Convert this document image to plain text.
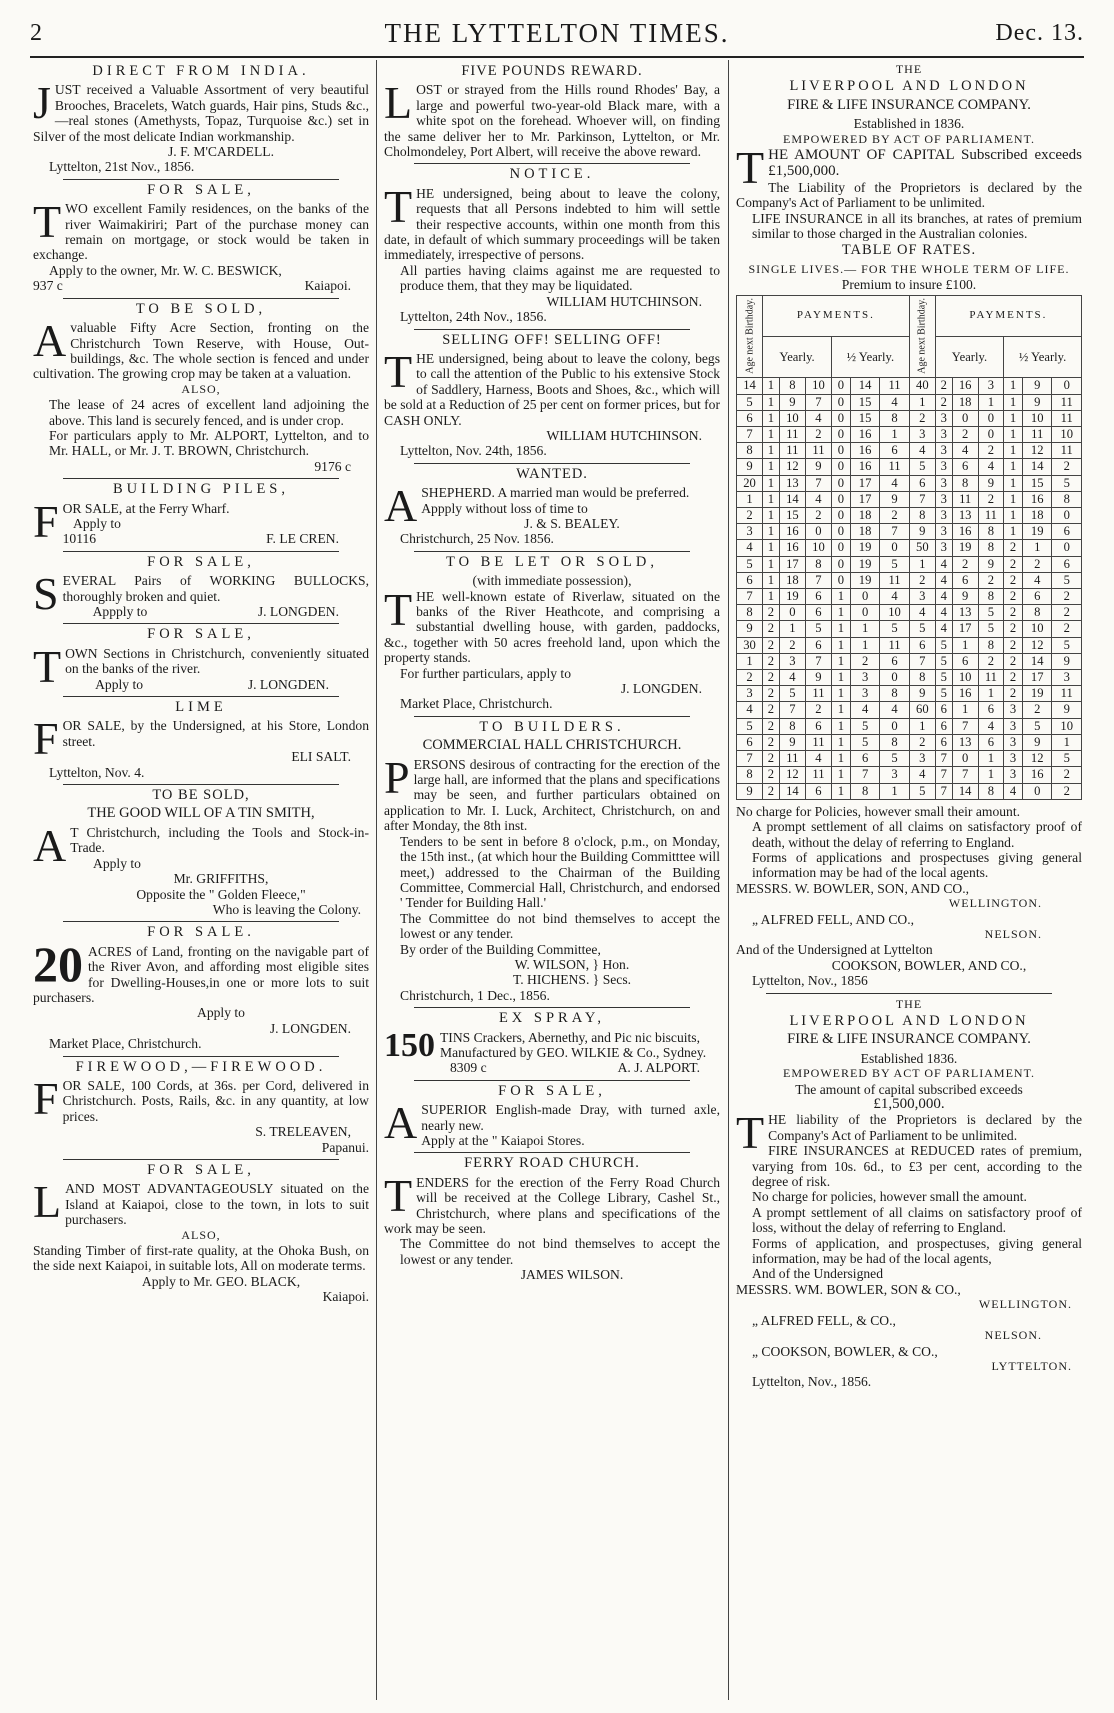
2	THE LYTTELTON TIMES.	Dec. 13.
DIRECT FROM INDIA.

JUST received a Valuable Assortment of very beautiful Brooches, Bracelets, Watch guards, Hair pins, Studs &c.,—real stones (Amethysts, Topaz, Turquoise &c.) set in Silver of the most delicate Indian workmanship.

J. F. M'CARDELL.

Lyttelton, 21st Nov., 1856.

FOR SALE,

TWO excellent Family residences, on the banks of the river Waimakiriri; Part of the purchase money can remain on mortgage, or stock would be taken in exchange.

Apply to the owner, Mr. W. C. BESWICK,

937 c	Kaiapoi.

TO BE SOLD,

Avaluable Fifty Acre Section, fronting on the Christchurch Town Reserve, with House, Out-buildings, &c. The whole section is fenced and under cultivation. The growing crop may be taken at a valuation.

ALSO,

The lease of 24 acres of excellent land adjoining the above. This land is securely fenced, and is under crop.

For particulars apply to Mr. ALPORT, Lyttelton, and to Mr. HALL, or Mr. J. T. BROWN, Christchurch.

9176 c

BUILDING PILES,

FOR SALE, at the Ferry Wharf.

Apply to

10116	F. LE CREN.

FOR SALE,

SEVERAL Pairs of WORKING BULLOCKS, thoroughly broken and quiet.

Appply to	J. LONGDEN.

FOR SALE,

TOWN Sections in Christchurch, conveniently situated on the banks of the river.

Apply to	J. LONGDEN.

LIME

FOR SALE, by the Undersigned, at his Store, London street.

ELI SALT.

Lyttelton, Nov. 4.

TO BE SOLD,
THE GOOD WILL OF A TIN SMITH,

A T Christchurch, including the Tools and Stock-in-Trade.

Apply to

Mr. GRIFFITHS,

Opposite the " Golden Fleece,"

Who is leaving the Colony.

FOR SALE.

20 ACRES of Land, fronting on the navigable part of the River Avon, and affording most eligible sites for Dwelling-Houses,in one or more lots to suit purchasers.

Apply to

J. LONGDEN.

Market Place, Christchurch.

FIREWOOD,—FIREWOOD.

FOR SALE, 100 Cords, at 36s. per Cord, delivered in Christchurch. Posts, Rails, &c. in any quantity, at low prices.

S. TRELEAVEN,

Papanui.

FOR SALE,

LAND MOST ADVANTAGEOUSLY situated on the Island at Kaiapoi, close to the town, in lots to suit purchasers.

ALSO,

Standing Timber of first-rate quality, at the Ohoka Bush, on the side next Kaiapoi, in suitable lots, All on moderate terms.

Apply to Mr. GEO. BLACK,

Kaiapoi.

FIVE POUNDS REWARD.

LOST or strayed from the Hills round Rhodes' Bay, a large and powerful two-year-old Black mare, with a white spot on the forehead. Whoever will, on finding the same deliver her to Mr. Parkinson, Lyttelton, or Mr. Cholmondeley, Port Albert, will receive the above reward.

NOTICE.

THE undersigned, being about to leave the colony, requests that all Persons indebted to him will settle their respective accounts, within one month from this date, in default of which summary proceedings will be taken immediately, irrespective of persons.

All parties having claims against me are requested to produce them, that they may be liquidated.

WILLIAM HUTCHINSON.

Lyttelton, 24th Nov., 1856.

SELLING OFF! SELLING OFF!

THE undersigned, being about to leave the colony, begs to call the attention of the Public to his extensive Stock of Saddlery, Harness, Boots and Shoes, &c., which will be sold at a Reduction of 25 per cent on former prices, but for CASH ONLY.

WILLIAM HUTCHINSON.

Lyttelton, Nov. 24th, 1856.

WANTED.

ASHEPHERD. A married man would be preferred.

Appply without loss of time to

J. & S. BEALEY.

Christchurch, 25 Nov. 1856.

TO BE LET OR SOLD,

(with immediate possession),

THE well-known estate of Riverlaw, situated on the banks of the River Heathcote, and comprising a substantial dwelling house, with garden, paddocks, &c., together with 50 acres freehold land, upon which the property stands.

For further particulars, apply to

J. LONGDEN.

Market Place, Christchurch.

TO BUILDERS.
COMMERCIAL HALL CHRISTCHURCH.

PERSONS desirous of contracting for the erection of the large hall, are informed that the plans and specifications may be seen, and further particulars obtained on application to Mr. I. Luck, Architect, Christchurch, on and after Monday, the 8th inst.

Tenders to be sent in before 8 o'clock, p.m., on Monday, the 15th inst., (at which hour the Building Committtee will meet,) addressed to the Chairman of the Building Committee, Commercial Hall, Christchurch, and endorsed ' Tender for Building Hall.'

The Committee do not bind themselves to accept the lowest or any tender.

By order of the Building Committee,

W. WILSON, } Hon.

T. HICHENS. } Secs.

Christchurch, 1 Dec., 1856.

EX SPRAY,

150 TINS Crackers, Abernethy, and Pic nic biscuits,

Manufactured by GEO. WILKIE & Co., Sydney.

8309 c	A. J. ALPORT.

FOR SALE,

ASUPERIOR English-made Dray, with turned axle, nearly new.

Apply at the " Kaiapoi Stores.

FERRY ROAD CHURCH.

TENDERS for the erection of the Ferry Road Church will be received at the College Library, Cashel St., Christchurch, where plans and specifications of the work may be seen.

The Committee do not bind themselves to accept the lowest or any tender.

JAMES WILSON.

THE

LIVERPOOL AND LONDON
FIRE & LIFE INSURANCE COMPANY.

Established in 1836.

EMPOWERED BY ACT OF PARLIAMENT.

THE AMOUNT OF CAPITAL Subscribed exceeds £1,500,000.

The Liability of the Proprietors is declared by the Company's Act of Parliament to be unlimited.

LIFE INSURANCE in all its branches, at rates of premium similar to those charged in the Australian colonies.

TABLE OF RATES.

SINGLE LIVES.— FOR THE WHOLE TERM OF LIFE.

Premium to insure £100.

Age next Birthday.	PAYMENTS.						Age next Birthday.	PAYMENTS.					
	Yearly.			½ Yearly.				Yearly.			½ Yearly.		
14	1	8	10	0	14	11	40	2	16	3	1	9	0
5	1	9	7	0	15	4	1	2	18	1	1	9	11
6	1	10	4	0	15	8	2	3	0	0	1	10	11
7	1	11	2	0	16	1	3	3	2	0	1	11	10
8	1	11	11	0	16	6	4	3	4	2	1	12	11
9	1	12	9	0	16	11	5	3	6	4	1	14	2
20	1	13	7	0	17	4	6	3	8	9	1	15	5
1	1	14	4	0	17	9	7	3	11	2	1	16	8
2	1	15	2	0	18	2	8	3	13	11	1	18	0
3	1	16	0	0	18	7	9	3	16	8	1	19	6
4	1	16	10	0	19	0	50	3	19	8	2	1	0
5	1	17	8	0	19	5	1	4	2	9	2	2	6
6	1	18	7	0	19	11	2	4	6	2	2	4	5
7	1	19	6	1	0	4	3	4	9	8	2	6	2
8	2	0	6	1	0	10	4	4	13	5	2	8	2
9	2	1	5	1	1	5	5	4	17	5	2	10	2
30	2	2	6	1	1	11	6	5	1	8	2	12	5
1	2	3	7	1	2	6	7	5	6	2	2	14	9
2	2	4	9	1	3	0	8	5	10	11	2	17	3
3	2	5	11	1	3	8	9	5	16	1	2	19	11
4	2	7	2	1	4	4	60	6	1	6	3	2	9
5	2	8	6	1	5	0	1	6	7	4	3	5	10
6	2	9	11	1	5	8	2	6	13	6	3	9	1
7	2	11	4	1	6	5	3	7	0	1	3	12	5
8	2	12	11	1	7	3	4	7	7	1	3	16	2
9	2	14	6	1	8	1	5	7	14	8	4	0	2

No charge for Policies, however small their amount.

A prompt settlement of all claims on satisfactory proof of death, without the delay of referring to England.

Forms of applications and prospectuses giving general information may be had of the local agents.

MESSRS. W. BOWLER, SON, AND CO.,

WELLINGTON.

„ ALFRED FELL, AND CO.,

NELSON.

And of the Undersigned at Lyttelton

COOKSON, BOWLER, AND CO.,

Lyttelton, Nov., 1856

THE

LIVERPOOL AND LONDON
FIRE & LIFE INSURANCE COMPANY.

Established 1836.

EMPOWERED BY ACT OF PARLIAMENT.

The amount of capital subscribed exceeds

£1,500,000.

THE liability of the Proprietors is declared by the Company's Act of Parliament to be unlimited.

FIRE INSURANCES at REDUCED rates of premium, varying from 10s. 6d., to £3 per cent, according to the degree of risk.

No charge for policies, however small the amount.

A prompt settlement of all claims on satisfactory proof of loss, without the delay of referring to England.

Forms of application, and prospectuses, giving general information, may be had of the local agents,

And of the Undersigned

MESSRS. WM. BOWLER, SON & CO.,

WELLINGTON.

„ ALFRED FELL, & CO.,

NELSON.

„ COOKSON, BOWLER, & CO.,

LYTTELTON.

Lyttelton, Nov., 1856.
